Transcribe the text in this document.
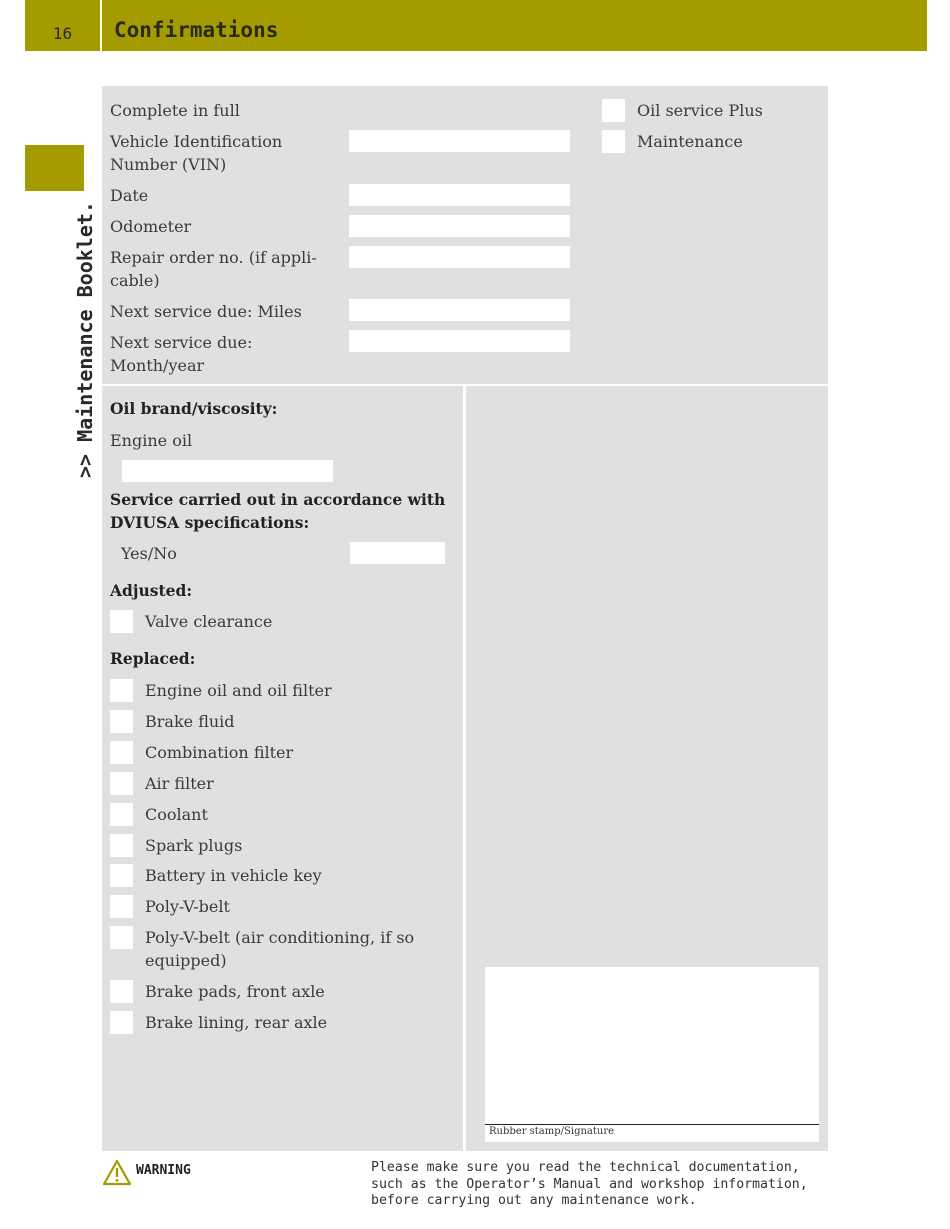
16	Confirmations
>> Maintenance Booklet.
Complete in full
Vehicle Identification Number (VIN)
Date
Odometer
Repair order no. (if appli-cable)
Next service due: Miles
Next service due: Month/year
Oil service Plus
Maintenance
Oil brand/viscosity:
Engine oil
Service carried out in accordance with DVIUSA specifications:
Yes/No
Adjusted:
Valve clearance
Replaced:
Engine oil and oil filter
Brake fluid
Combination filter
Air filter
Coolant
Spark plugs
Battery in vehicle key
Poly-V-belt
Poly-V-belt (air conditioning, if so equipped)
Brake pads, front axle
Brake lining, rear axle
Rubber stamp/Signature
WARNING	Please make sure you read the technical documentation, such as the Operator’s Manual and workshop information, before carrying out any maintenance work.
